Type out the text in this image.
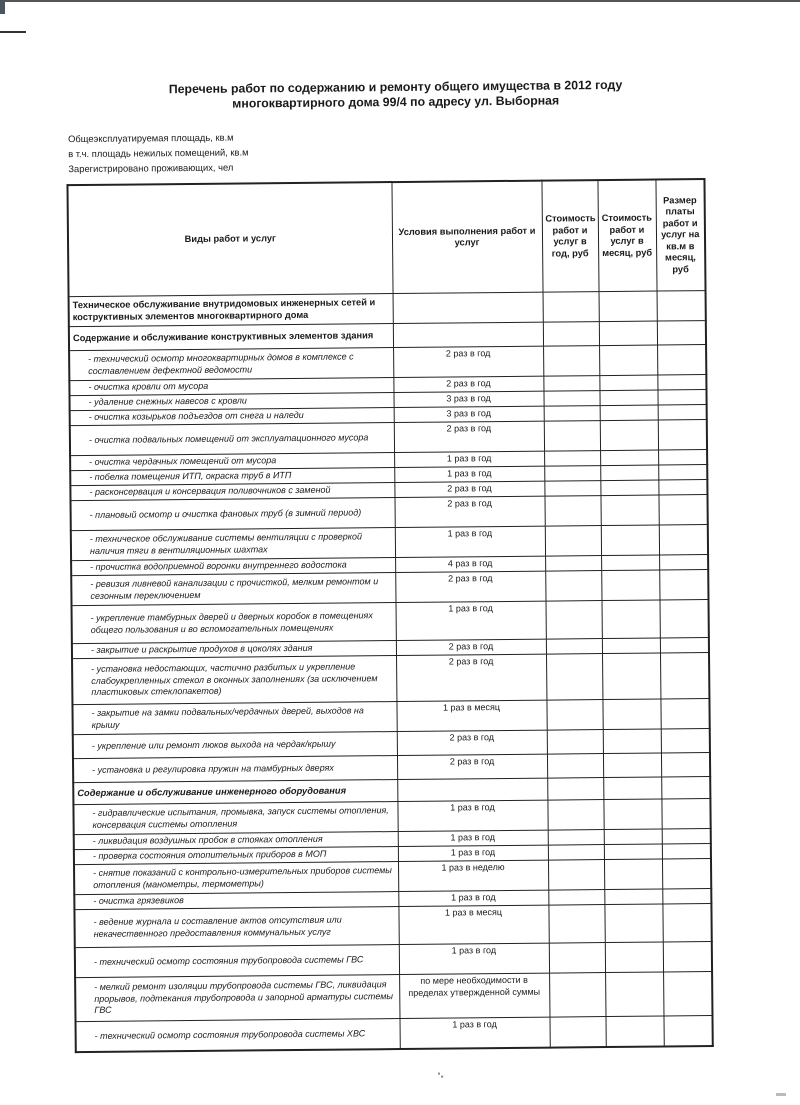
Перечень работ по содержанию и ремонту общего имущества в 2012 году
многоквартирного дома 99/4 по адресу ул. Выборная
Общеэксплуатируемая площадь, кв.м
в т.ч. площадь нежилых помещений, кв.м
Зарегистрировано проживающих, чел
Виды работ и услуг	Условия выполнения работ и услуг	Стоимость работ и услуг в год, руб	Стоимость работ и услуг в месяц, руб	Размер платы работ и услуг на кв.м в месяц, руб
Техническое обслуживание внутридомовых инженерных сетей и коструктивных элементов многоквартирного дома				
Содержание и обслуживание конструктивных элементов здания				
- технический осмотр многоквартирных домов в комплексе с составлением дефектной ведомости	2 раз в год			
- очистка кровли от мусора	2 раз в год			
- удаление снежных навесов с кровли	3 раз в год			
- очистка козырьков подъездов от снега и наледи	3 раз в год			
- очистка подвальных помещений от эксплуатационного мусора	2 раз в год			
- очистка чердачных помещений от мусора	1 раз в год			
- побелка помещения ИТП, окраска труб в ИТП	1 раз в год			
- расконсервация и консервация поливочников с заменой	2 раз в год			
- плановый осмотр и очистка фановых труб (в зимний период)	2 раз в год			
- техническое обслуживание системы вентиляции с проверкой наличия тяги в вентиляционных шахтах	1 раз в год			
- прочистка водоприемной воронки внутреннего водостока	4 раз в год			
- ревизия ливневой канализации с прочисткой, мелким ремонтом и сезонным переключением	2 раз в год			
- укрепление тамбурных дверей и дверных коробок в помещениях общего пользования и во вспомогательных помещениях	1 раз в год			
- закрытие и раскрытие продухов в цоколях здания	2 раз в год			
- установка недостающих, частично разбитых и укрепление слабоукрепленных стекол в оконных заполнениях (за исключением пластиковых стеклопакетов)	2 раз в год			
- закрытие на замки подвальных/чердачных дверей, выходов на крышу	1 раз в месяц			
- укрепление или ремонт люков выхода на чердак/крышу	2 раз в год			
- установка и регулировка пружин на тамбурных дверях	2 раз в год			
Содержание и обслуживание инженерного оборудования				
- гидравлические испытания, промывка, запуск системы отопления, консервация системы отопления	1 раз в год			
- ликвидация воздушных пробок в стояках отопления	1 раз в год			
- проверка состояния отопительных приборов в МОП	1 раз в год			
- снятие показаний с контрольно-измерительных приборов системы отопления (манометры, термометры)	1 раз в неделю			
- очистка грязевиков	1 раз в год			
- ведение журнала и составление актов отсутствия или некачественного предоставления коммунальных услуг	1 раз в месяц			
- технический осмотр состояния трубопровода системы ГВС	1 раз в год			
- мелкий ремонт изоляции трубопровода системы ГВС, ликвидация прорывов, подтекания трубопровода и запорной арматуры системы ГВС	по мере необходимости в пределах утвержденной суммы			
- технический осмотр состояния трубопровода системы ХВС	1 раз в год			
